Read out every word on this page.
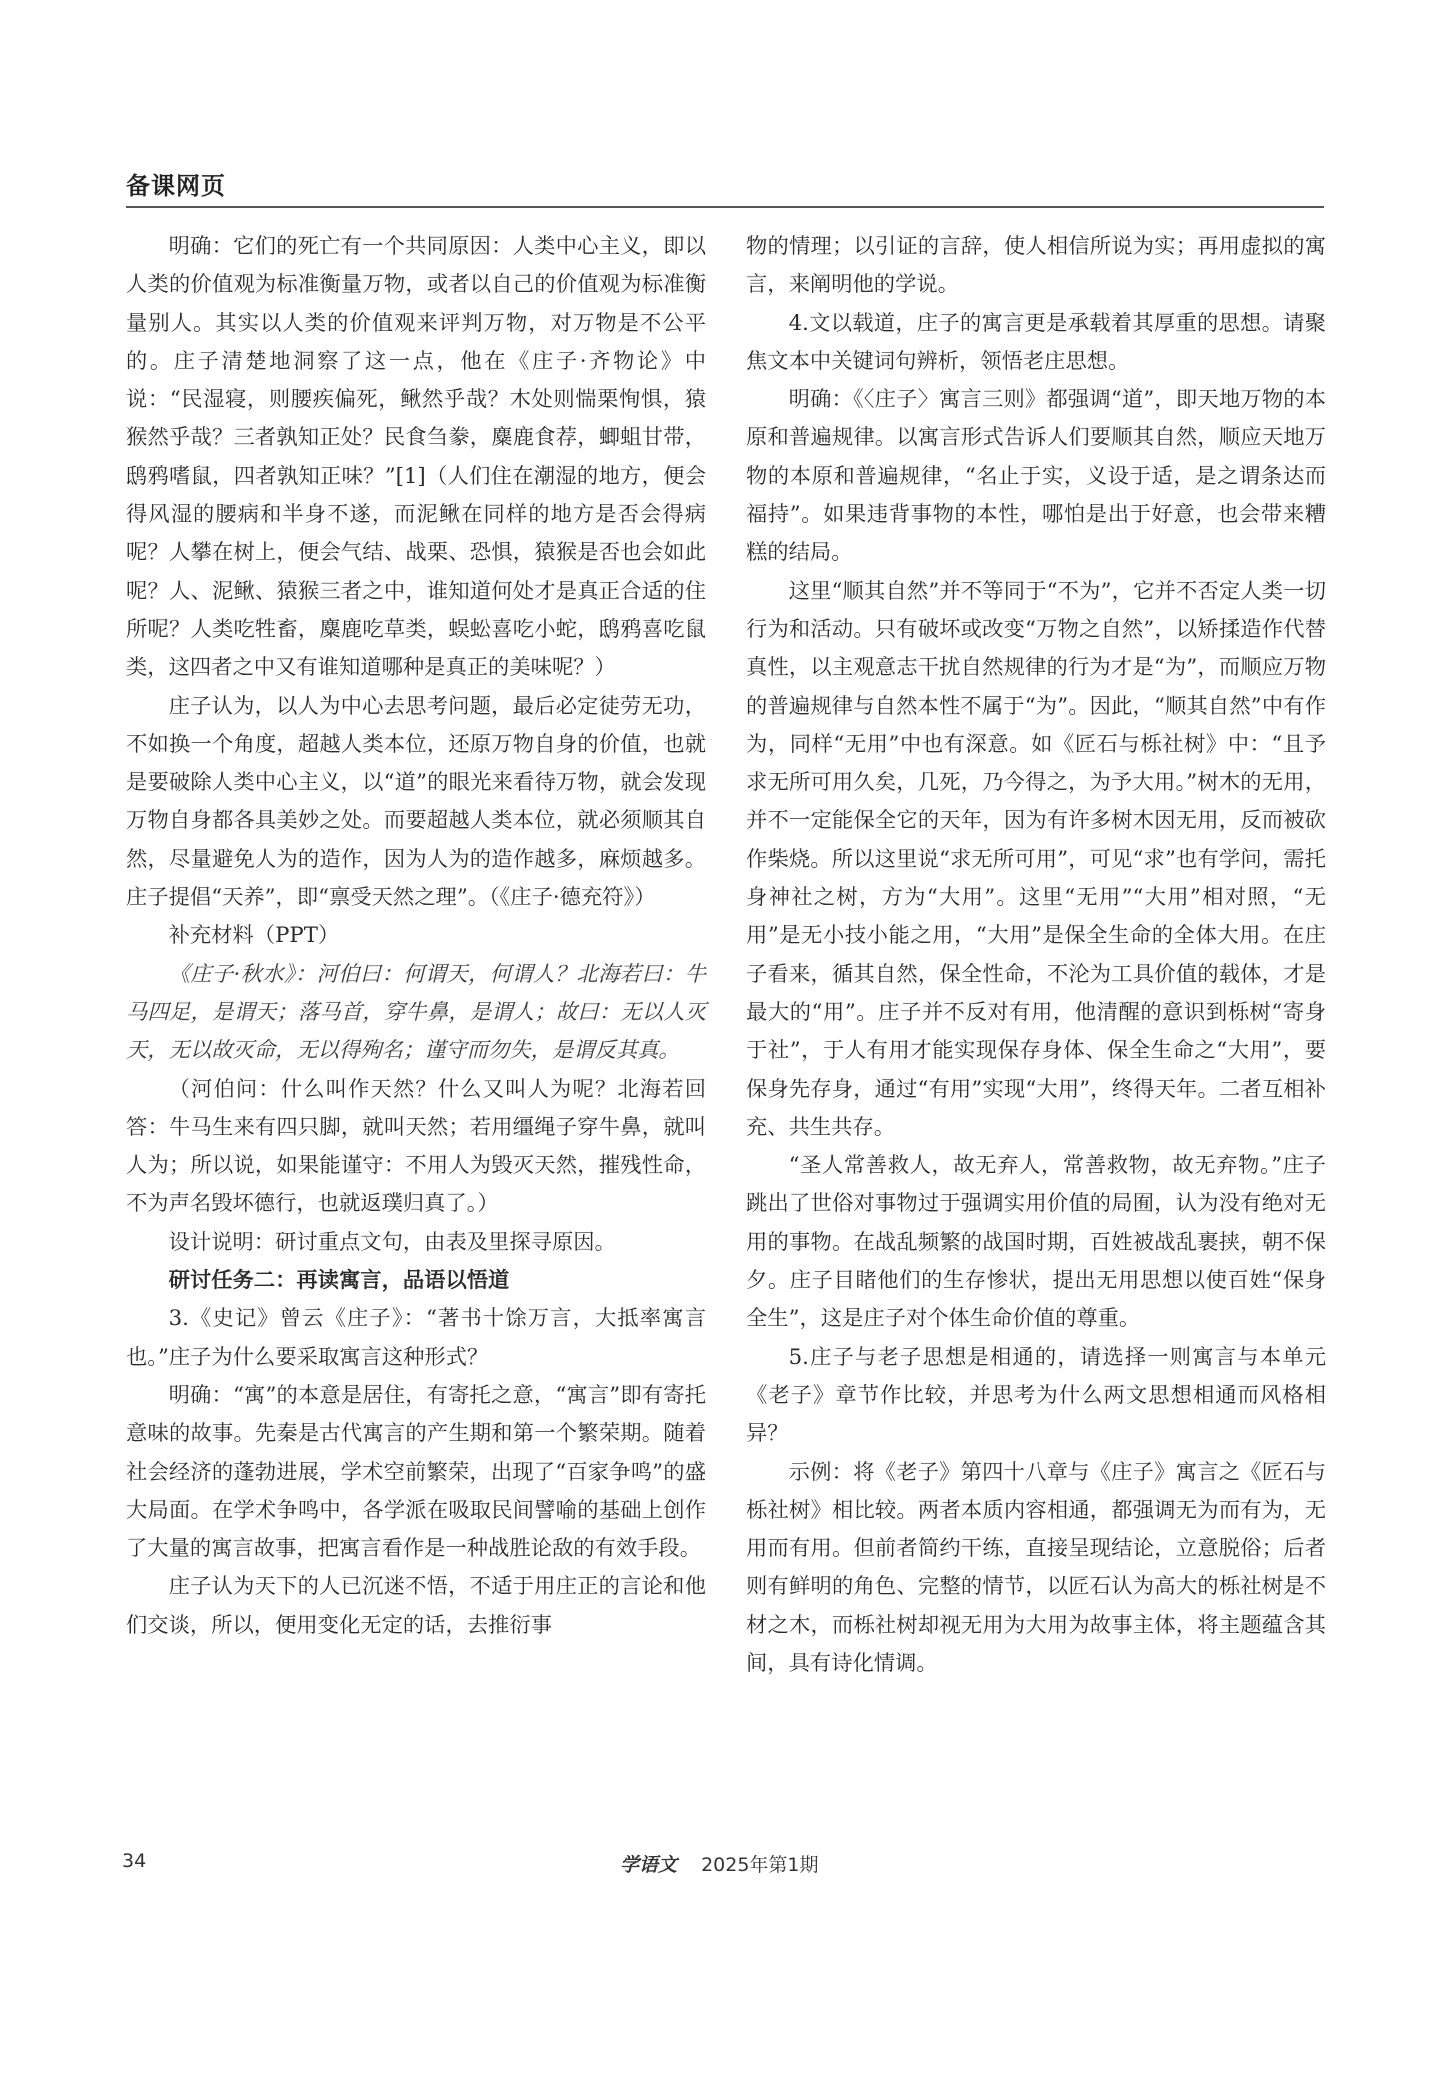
备课网页

明确：它们的死亡有一个共同原因：人类中心主义，即以人类的价值观为标准衡量万物，或者以自己的价值观为标准衡量别人。其实以人类的价值观来评判万物，对万物是不公平的。庄子清楚地洞察了这一点，他在《庄子·齐物论》中说：“民湿寝，则腰疾偏死，鳅然乎哉？木处则惴栗恂惧，猿猴然乎哉？三者孰知正处？民食刍豢，麋鹿食荐，蝍蛆甘带，鸱鸦嗜鼠，四者孰知正味？”[1]（人们住在潮湿的地方，便会得风湿的腰病和半身不遂，而泥鳅在同样的地方是否会得病呢？人攀在树上，便会气结、战栗、恐惧，猿猴是否也会如此呢？人、泥鳅、猿猴三者之中，谁知道何处才是真正合适的住所呢？人类吃牲畜，麋鹿吃草类，蜈蚣喜吃小蛇，鸱鸦喜吃鼠类，这四者之中又有谁知道哪种是真正的美味呢？）

庄子认为，以人为中心去思考问题，最后必定徒劳无功，不如换一个角度，超越人类本位，还原万物自身的价值，也就是要破除人类中心主义，以“道”的眼光来看待万物，就会发现万物自身都各具美妙之处。而要超越人类本位，就必须顺其自然，尽量避免人为的造作，因为人为的造作越多，麻烦越多。庄子提倡“天养”，即“禀受天然之理”。（《庄子·德充符》）

补充材料（PPT）

《庄子·秋水》：河伯曰：何谓天，何谓人？北海若曰：牛马四足，是谓天；落马首，穿牛鼻，是谓人；故曰：无以人灭天，无以故灭命，无以得殉名；谨守而勿失，是谓反其真。

（河伯问：什么叫作天然？什么又叫人为呢？北海若回答：牛马生来有四只脚，就叫天然；若用缰绳子穿牛鼻，就叫人为；所以说，如果能谨守：不用人为毁灭天然，摧残性命，不为声名毁坏德行，也就返璞归真了。）

设计说明：研讨重点文句，由表及里探寻原因。

研讨任务二：再读寓言，品语以悟道

3.《史记》曾云《庄子》：“著书十馀万言，大抵率寓言也。”庄子为什么要采取寓言这种形式？

明确：“寓”的本意是居住，有寄托之意，“寓言”即有寄托意味的故事。先秦是古代寓言的产生期和第一个繁荣期。随着社会经济的蓬勃进展，学术空前繁荣，出现了“百家争鸣”的盛大局面。在学术争鸣中，各学派在吸取民间譬喻的基础上创作了大量的寓言故事，把寓言看作是一种战胜论敌的有效手段。

庄子认为天下的人已沉迷不悟，不适于用庄正的言论和他们交谈，所以，便用变化无定的话，去推衍事

物的情理；以引证的言辞，使人相信所说为实；再用虚拟的寓言，来阐明他的学说。

4.文以载道，庄子的寓言更是承载着其厚重的思想。请聚焦文本中关键词句辨析，领悟老庄思想。

明确：《〈庄子〉寓言三则》都强调“道”，即天地万物的本原和普遍规律。以寓言形式告诉人们要顺其自然，顺应天地万物的本原和普遍规律，“名止于实，义设于适，是之谓条达而福持”。如果违背事物的本性，哪怕是出于好意，也会带来糟糕的结局。

这里“顺其自然”并不等同于“不为”，它并不否定人类一切行为和活动。只有破坏或改变“万物之自然”，以矫揉造作代替真性，以主观意志干扰自然规律的行为才是“为”，而顺应万物的普遍规律与自然本性不属于“为”。因此，“顺其自然”中有作为，同样“无用”中也有深意。如《匠石与栎社树》中：“且予求无所可用久矣，几死，乃今得之，为予大用。”树木的无用，并不一定能保全它的天年，因为有许多树木因无用，反而被砍作柴烧。所以这里说“求无所可用”，可见“求”也有学问，需托身神社之树，方为“大用”。这里“无用”“大用”相对照，“无用”是无小技小能之用，“大用”是保全生命的全体大用。在庄子看来，循其自然，保全性命，不沦为工具价值的载体，才是最大的“用”。庄子并不反对有用，他清醒的意识到栎树“寄身于社”，于人有用才能实现保存身体、保全生命之“大用”，要保身先存身，通过“有用”实现“大用”，终得天年。二者互相补充、共生共存。

“圣人常善救人，故无弃人，常善救物，故无弃物。”庄子跳出了世俗对事物过于强调实用价值的局囿，认为没有绝对无用的事物。在战乱频繁的战国时期，百姓被战乱裹挟，朝不保夕。庄子目睹他们的生存惨状，提出无用思想以使百姓“保身全生”，这是庄子对个体生命价值的尊重。

5.庄子与老子思想是相通的，请选择一则寓言与本单元《老子》章节作比较，并思考为什么两文思想相通而风格相异？

示例：将《老子》第四十八章与《庄子》寓言之《匠石与栎社树》相比较。两者本质内容相通，都强调无为而有为，无用而有用。但前者简约干练，直接呈现结论，立意脱俗；后者则有鲜明的角色、完整的情节，以匠石认为高大的栎社树是不材之木，而栎社树却视无用为大用为故事主体，将主题蕴含其间，具有诗化情调。

34	学语文 2025年第1期
